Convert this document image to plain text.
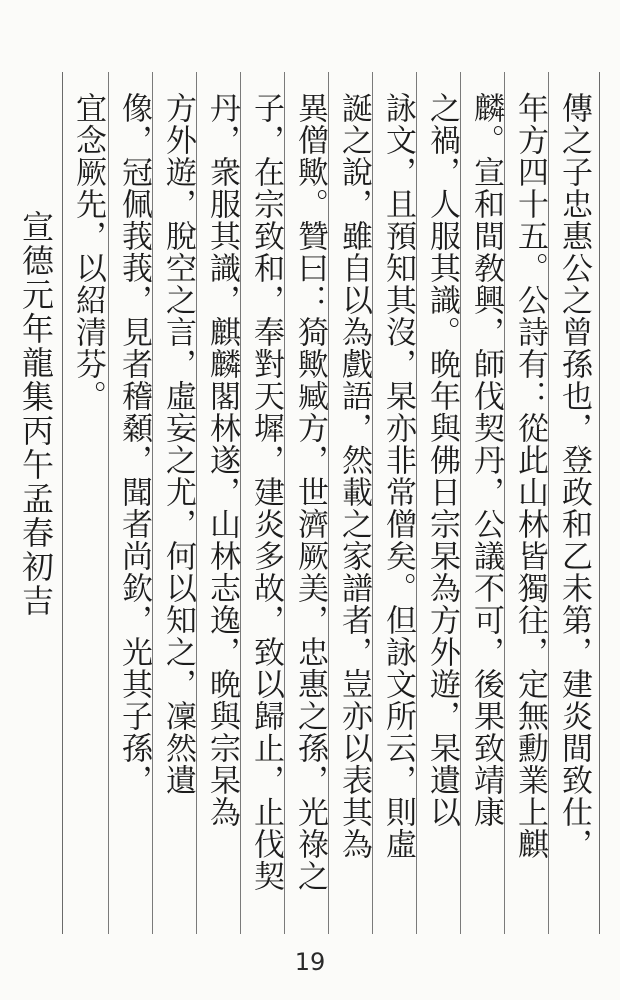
傳之子忠惠公之曾孫也，登政和乙未第，建炎間致仕，
年方四十五。公詩有：從此山林皆獨往，定無勳業上麒
麟。宣和間敎興，師伐契丹，公議不可，後果致靖康
之禍，人服其識。晩年與佛日宗杲為方外遊，杲遺以
詠文，且預知其沒，杲亦非常僧矣。但詠文所云，則虛
誕之說，雖自以為戲語，然載之家譜者，豈亦以表其為
異僧歟。贊曰：猗歟臧方，世濟厥美，忠惠之孫，光祿之
子，在宗致和，奉對天墀，建炎多故，致以歸止，止伐契
丹，衆服其識，麒麟閣林遂，山林志逸，晩與宗杲為
方外遊，脫空之言，虛妄之尤，何以知之，凜然遺
像，冠佩莪莪，見者稽顙，聞者尚欽，光其子孫，
宜念厥先，以紹清芬。
宣德元年龍集丙午孟春初吉
19
